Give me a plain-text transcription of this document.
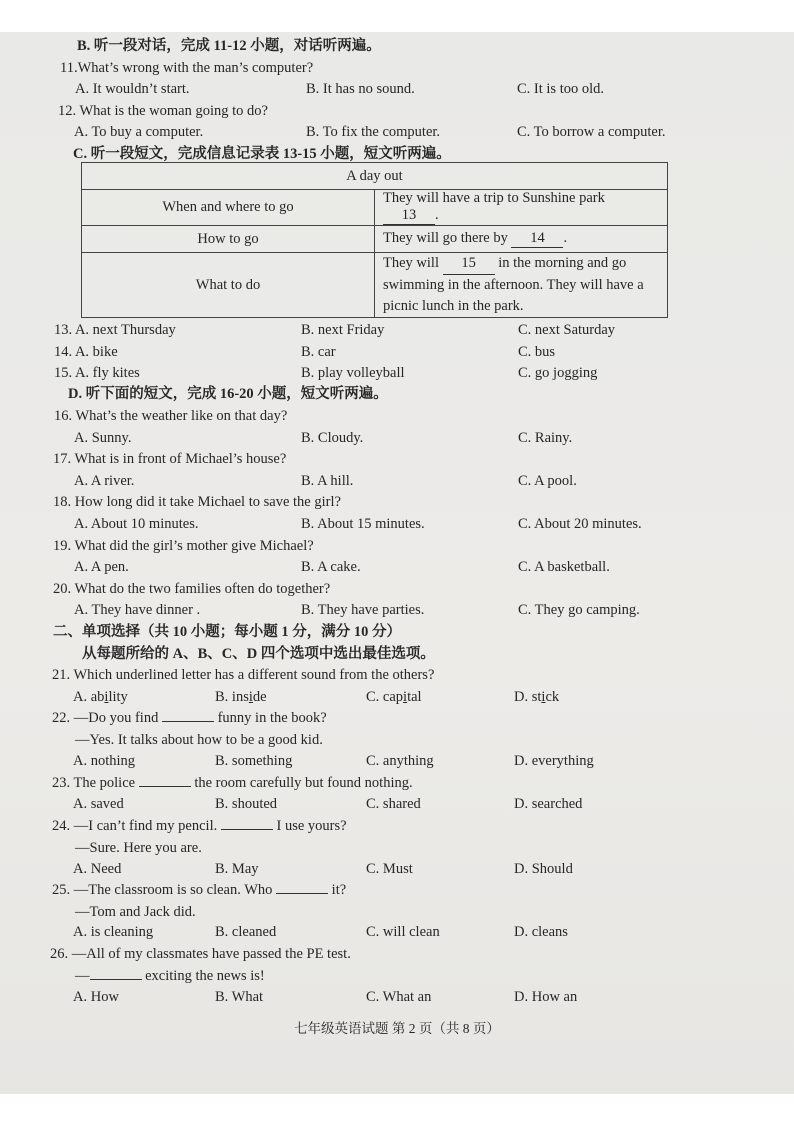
B. 听一段对话，完成 11-12 小题，对话听两遍。
11.What’s wrong with the man’s computer?
A. It wouldn’t start.	B. It has no sound.	C. It is too old.
12. What is the woman going to do?
A. To buy a computer.	B. To fix the computer.	C. To borrow a computer.
C. 听一段短文，完成信息记录表 13-15 小题，短文听两遍。
A day out	
When and where to go	They will have a trip to Sunshine park 13 .
How to go	They will go there by 14 .
What to do	They will 15 in the morning and go swimming in the afternoon. They will have a picnic lunch in the park.
13. A. next Thursday	B. next Friday	C. next Saturday
14. A. bike	B. car	C. bus
15. A. fly kites	B. play volleyball	C. go jogging
D. 听下面的短文，完成 16-20 小题，短文听两遍。
16. What’s the weather like on that day?
A. Sunny.	B. Cloudy.	C. Rainy.
17. What is in front of Michael’s house?
A. A river.	B. A hill.	C. A pool.
18. How long did it take Michael to save the girl?
A. About 10 minutes.	B. About 15 minutes.	C. About 20 minutes.
19. What did the girl’s mother give Michael?
A. A pen.	B. A cake.	C. A basketball.
20. What do the two families often do together?
A. They have dinner .	B. They have parties.	C. They go camping.
二、单项选择（共 10 小题；每小题 1 分，满分 10 分）
从每题所给的 A、B、C、D 四个选项中选出最佳选项。
21. Which underlined letter has a different sound from the others?
A. ability	B. inside	C. capital	D. stick
22. —Do you find	funny in the book?
—Yes. It talks about how to be a good kid.
A. nothing	B. something	C. anything	D. everything
23. The police	the room carefully but found nothing.
A. saved	B. shouted	C. shared	D. searched
24. —I can’t find my pencil.	I use yours?
—Sure. Here you are.
A. Need	B. May	C. Must	D. Should
25. —The classroom is so clean. Who	it?
—Tom and Jack did.
A. is cleaning	B. cleaned	C. will clean	D. cleans
26. —All of my classmates have passed the PE test.
—	exciting the news is!
A. How	B. What	C. What an	D. How an
七年级英语试题 第 2 页（共 8 页）
